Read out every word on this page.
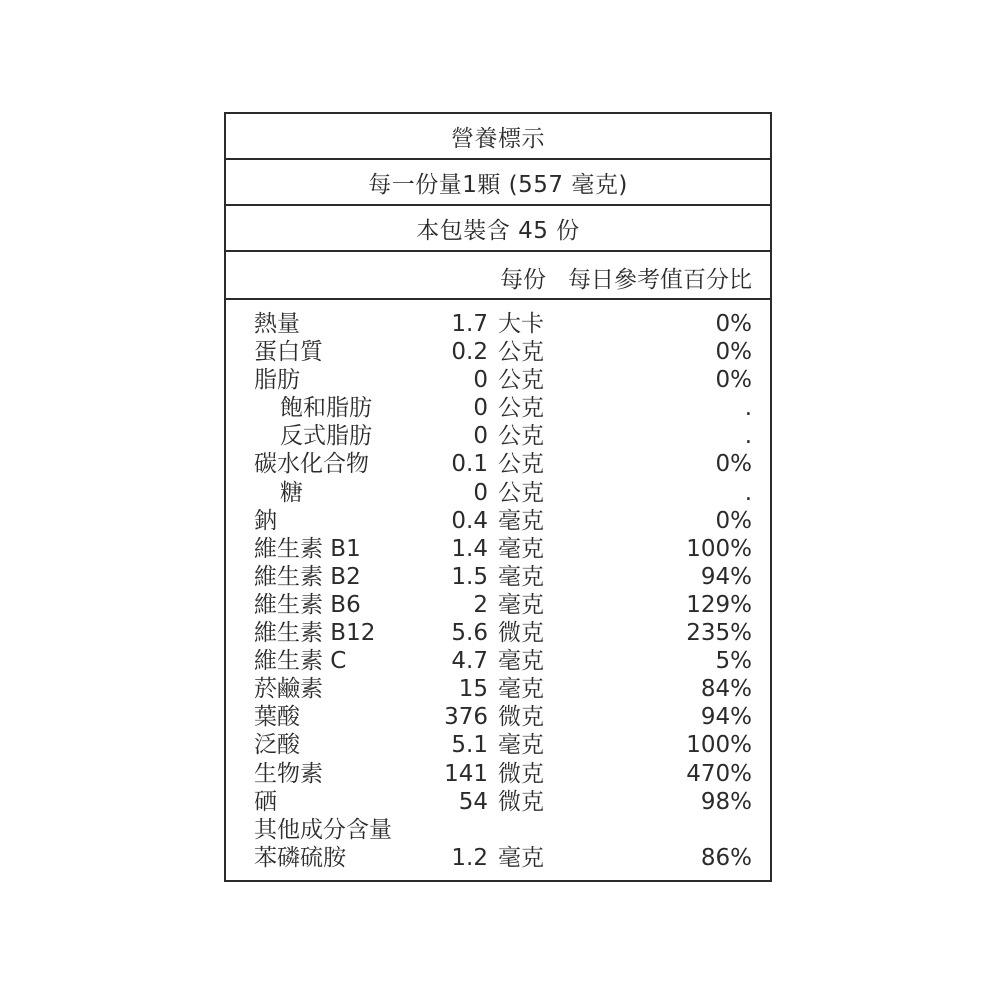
營養標示
每一份量1顆 (557 毫克)
本包裝含 45 份
每份 每日參考值百分比
熱量	1.7 大卡	0%
蛋白質	0.2 公克	0%
脂肪	0 公克	0%
飽和脂肪	0 公克	.
反式脂肪	0 公克	.
碳水化合物	0.1 公克	0%
糖	0 公克	.
鈉	0.4 毫克	0%
維生素 B1	1.4 毫克	100%
維生素 B2	1.5 毫克	94%
維生素 B6	2 毫克	129%
維生素 B12	5.6 微克	235%
維生素 C	4.7 毫克	5%
菸鹼素	15 毫克	84%
葉酸	376 微克	94%
泛酸	5.1 毫克	100%
生物素	141 微克	470%
硒	54 微克	98%
其他成分含量
苯磷硫胺	1.2 毫克	86%
